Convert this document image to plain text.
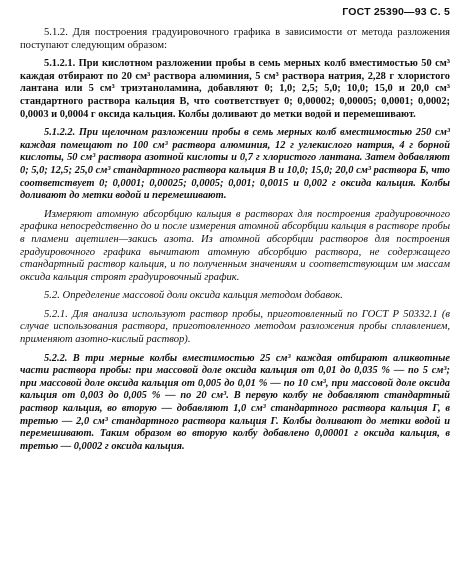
ГОСТ 25390—93 С. 5

5.1.2. Для построения градуировочного графика в зависимости от метода разложения поступают следующим образом:

5.1.2.1. При кислотном разложении пробы в семь мерных колб вместимостью 50 см³ каждая отбирают по 20 см³ раствора алюминия, 5 см³ раствора натрия, 2,28 г хлористого лантана или 5 см³ триэтаноламина, добавляют 0; 1,0; 2,5; 5,0; 10,0; 15,0 и 20,0 см³ стандартного раствора кальция В, что соответствует 0; 0,00002; 0,00005; 0,0001; 0,0002; 0,0003 и 0,0004 г оксида кальция. Колбы доливают до метки водой и перемешивают.

5.1.2.2. При щелочном разложении пробы в семь мерных колб вместимостью 250 см³ каждая помещают по 100 см³ раствора алюминия, 12 г углекислого натрия, 4 г борной кислоты, 50 см³ раствора азотной кислоты и 0,7 г хлористого лантана. Затем добавляют 0; 5,0; 12,5; 25,0 см³ стандартного раствора кальция В и 10,0; 15,0; 20,0 см³ раствора Б, что соответствует 0; 0,0001; 0,00025; 0,0005; 0,001; 0,0015 и 0,002 г оксида кальция. Колбы доливают до метки водой и перемешивают.

Измеряют атомную абсорбцию кальция в растворах для построения градуировочного графика непосредственно до и после измерения атомной абсорбции кальция в растворе пробы в пламени ацетилен—закись азота. Из атомной абсорбции растворов для построения градуировочного графика вычитают атомную абсорбцию раствора, не содержащего стандартный раствор кальция, и по полученным значениям и соответствующим им массам оксида кальция строят градуировочный график.

5.2. Определение массовой доли оксида кальция методом добавок.

5.2.1. Для анализа используют раствор пробы, приготовленный по ГОСТ Р 50332.1 (в случае использования раствора, приготовленного методом разложения пробы сплавлением, применяют азотно-кислый раствор).

5.2.2. В три мерные колбы вместимостью 25 см³ каждая отбирают аликвотные части раствора пробы: при массовой доле оксида кальция от 0,01 до 0,035 % — по 5 см³; при массовой доле оксида кальция от 0,005 до 0,01 % — по 10 см³, при массовой доле оксида кальция от 0,003 до 0,005 % — по 20 см³. В первую колбу не добавляют стандартный раствор кальция, во вторую — добавляют 1,0 см³ стандартного раствора кальция Г, в третью — 2,0 см³ стандартного раствора кальция Г. Колбы доливают до метки водой и перемешивают. Таким образом во вторую колбу добавлено 0,00001 г оксида кальция, в третью — 0,0002 г оксида кальция.
